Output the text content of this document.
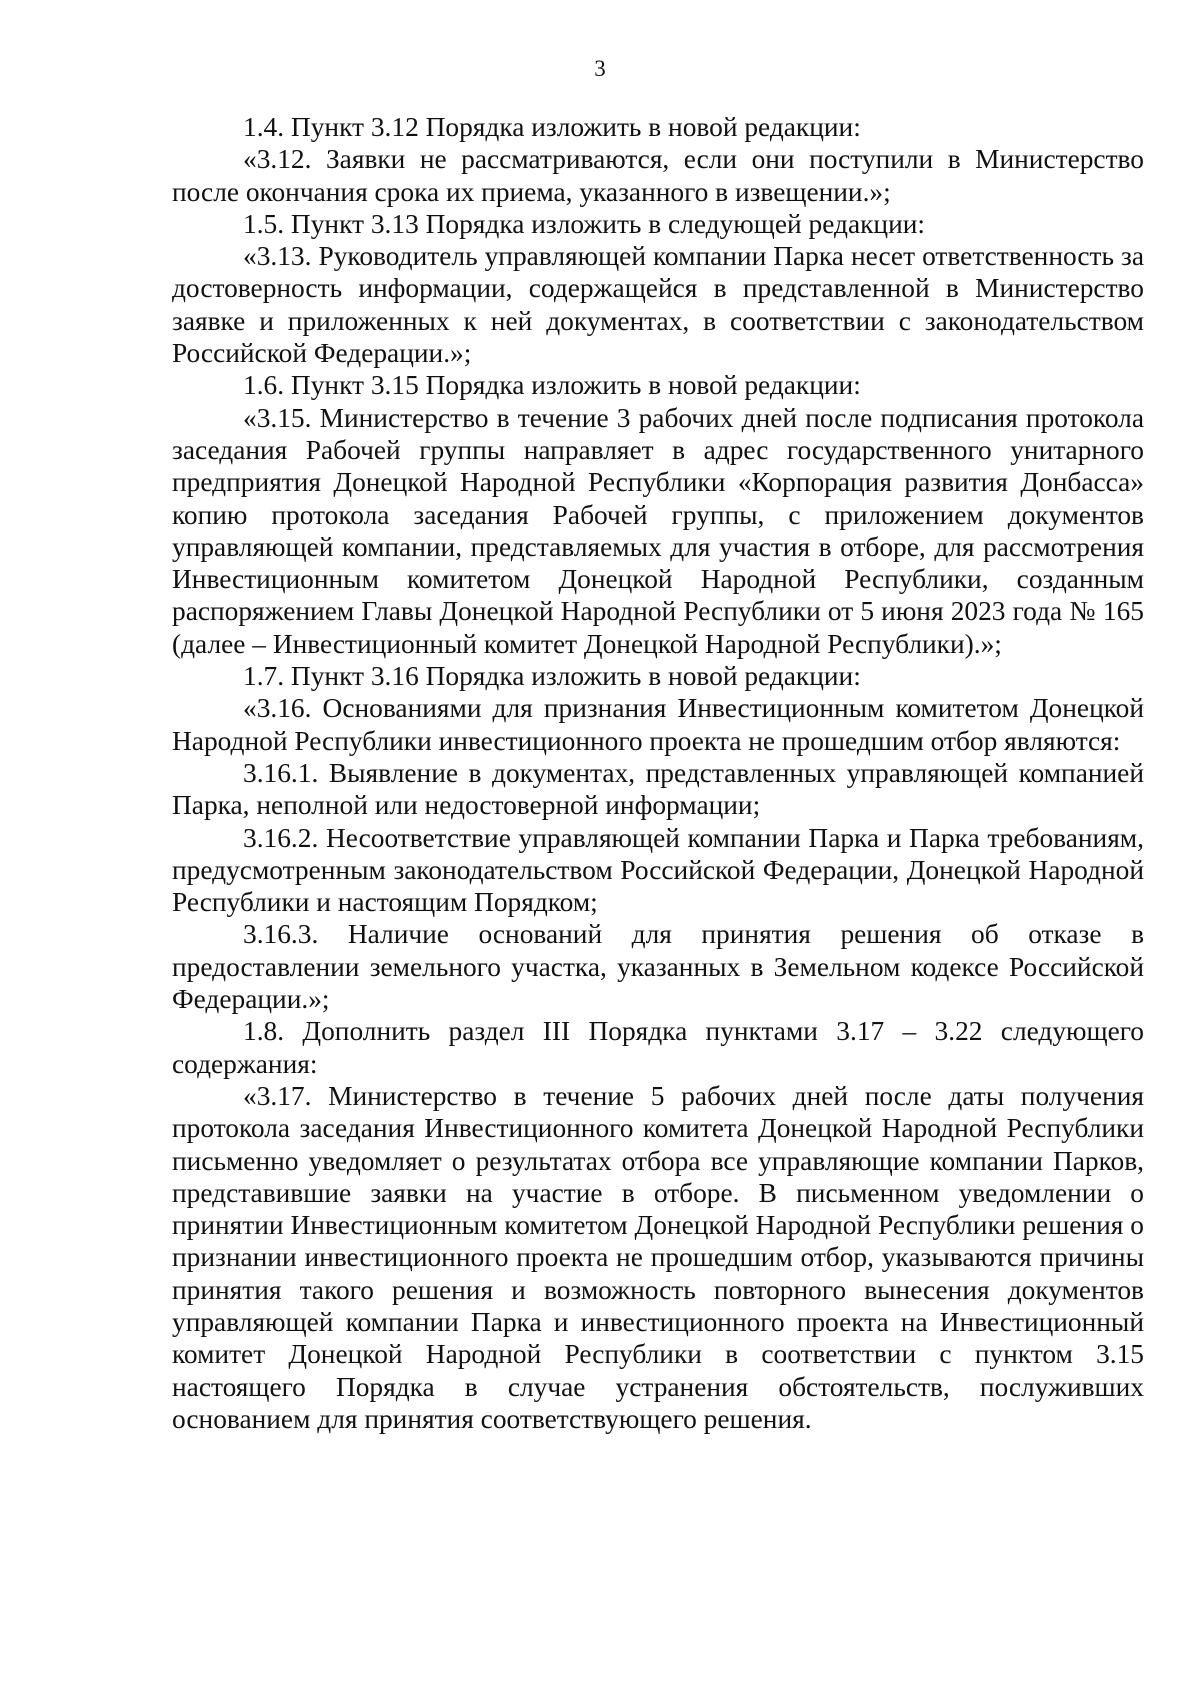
3

1.4. Пункт 3.12 Порядка изложить в новой редакции:

«3.12. Заявки не рассматриваются, если они поступили в Министерство после окончания срока их приема, указанного в извещении.»;

1.5. Пункт 3.13 Порядка изложить в следующей редакции:

«3.13. Руководитель управляющей компании Парка несет ответственность за достоверность информации, содержащейся в представленной в Министерство заявке и приложенных к ней документах, в соответствии с законодательством Российской Федерации.»;

1.6. Пункт 3.15 Порядка изложить в новой редакции:

«3.15. Министерство в течение 3 рабочих дней после подписания протокола заседания Рабочей группы направляет в адрес государственного унитарного предприятия Донецкой Народной Республики «Корпорация развития Донбасса» копию протокола заседания Рабочей группы, с приложением документов управляющей компании, представляемых для участия в отборе, для рассмотрения Инвестиционным комитетом Донецкой Народной Республики, созданным распоряжением Главы Донецкой Народной Республики от 5 июня 2023 года № 165 (далее – Инвестиционный комитет Донецкой Народной Республики).»;

1.7. Пункт 3.16 Порядка изложить в новой редакции:

«3.16. Основаниями для признания Инвестиционным комитетом Донецкой Народной Республики инвестиционного проекта не прошедшим отбор являются:

3.16.1. Выявление в документах, представленных управляющей компанией Парка, неполной или недостоверной информации;

3.16.2. Несоответствие управляющей компании Парка и Парка требованиям, предусмотренным законодательством Российской Федерации, Донецкой Народной Республики и настоящим Порядком;

3.16.3. Наличие оснований для принятия решения об отказе в предоставлении земельного участка, указанных в Земельном кодексе Российской Федерации.»;

1.8. Дополнить раздел III Порядка пунктами 3.17 – 3.22 следующего содержания:

«3.17. Министерство в течение 5 рабочих дней после даты получения протокола заседания Инвестиционного комитета Донецкой Народной Республики письменно уведомляет о результатах отбора все управляющие компании Парков, представившие заявки на участие в отборе. В письменном уведомлении о принятии Инвестиционным комитетом Донецкой Народной Республики решения о признании инвестиционного проекта не прошедшим отбор, указываются причины принятия такого решения и возможность повторного вынесения документов управляющей компании Парка и инвестиционного проекта на Инвестиционный комитет Донецкой Народной Республики в соответствии с пунктом 3.15 настоящего Порядка в случае устранения обстоятельств, послуживших основанием для принятия соответствующего решения.
